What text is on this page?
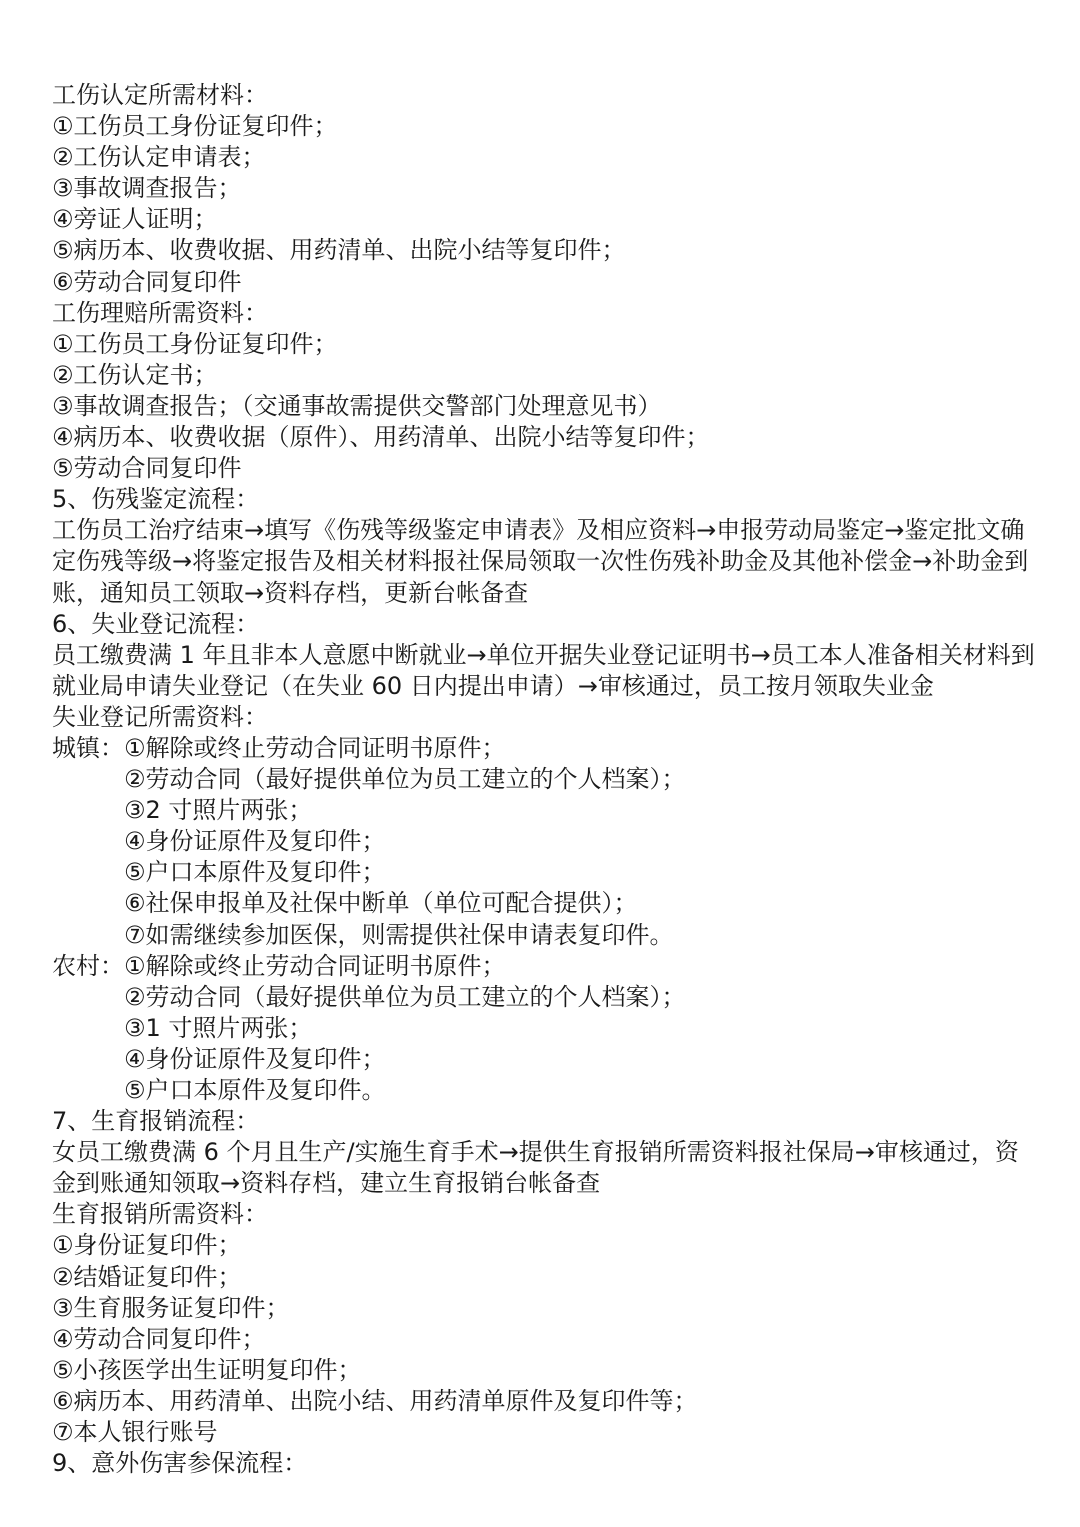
工伤认定所需材料：
①工伤员工身份证复印件；
②工伤认定申请表；
③事故调查报告；
④旁证人证明；
⑤病历本、收费收据、用药清单、出院小结等复印件；
⑥劳动合同复印件
工伤理赔所需资料：
①工伤员工身份证复印件；
②工伤认定书；
③事故调查报告；（交通事故需提供交警部门处理意见书）
④病历本、收费收据（原件）、用药清单、出院小结等复印件；
⑤劳动合同复印件
5、伤残鉴定流程：
工伤员工治疗结束→填写《伤残等级鉴定申请表》及相应资料→申报劳动局鉴定→鉴定批文确定伤残等级→将鉴定报告及相关材料报社保局领取一次性伤残补助金及其他补偿金→补助金到账，通知员工领取→资料存档，更新台帐备查
6、失业登记流程：
员工缴费满 1 年且非本人意愿中断就业→单位开据失业登记证明书→员工本人准备相关材料到就业局申请失业登记（在失业 60 日内提出申请）→审核通过，员工按月领取失业金
失业登记所需资料：
城镇： ①解除或终止劳动合同证明书原件；
②劳动合同（最好提供单位为员工建立的个人档案）；
③2 寸照片两张；
④身份证原件及复印件；
⑤户口本原件及复印件；
⑥社保申报单及社保中断单（单位可配合提供）；
⑦如需继续参加医保，则需提供社保申请表复印件。
农村： ①解除或终止劳动合同证明书原件；
②劳动合同（最好提供单位为员工建立的个人档案）；
③1 寸照片两张；
④身份证原件及复印件；
⑤户口本原件及复印件。
7、生育报销流程：
女员工缴费满 6 个月且生产/实施生育手术→提供生育报销所需资料报社保局→审核通过，资金到账通知领取→资料存档，建立生育报销台帐备查
生育报销所需资料：
①身份证复印件；
②结婚证复印件；
③生育服务证复印件；
④劳动合同复印件；
⑤小孩医学出生证明复印件；
⑥病历本、用药清单、出院小结、用药清单原件及复印件等；
⑦本人银行账号
9、意外伤害参保流程：
